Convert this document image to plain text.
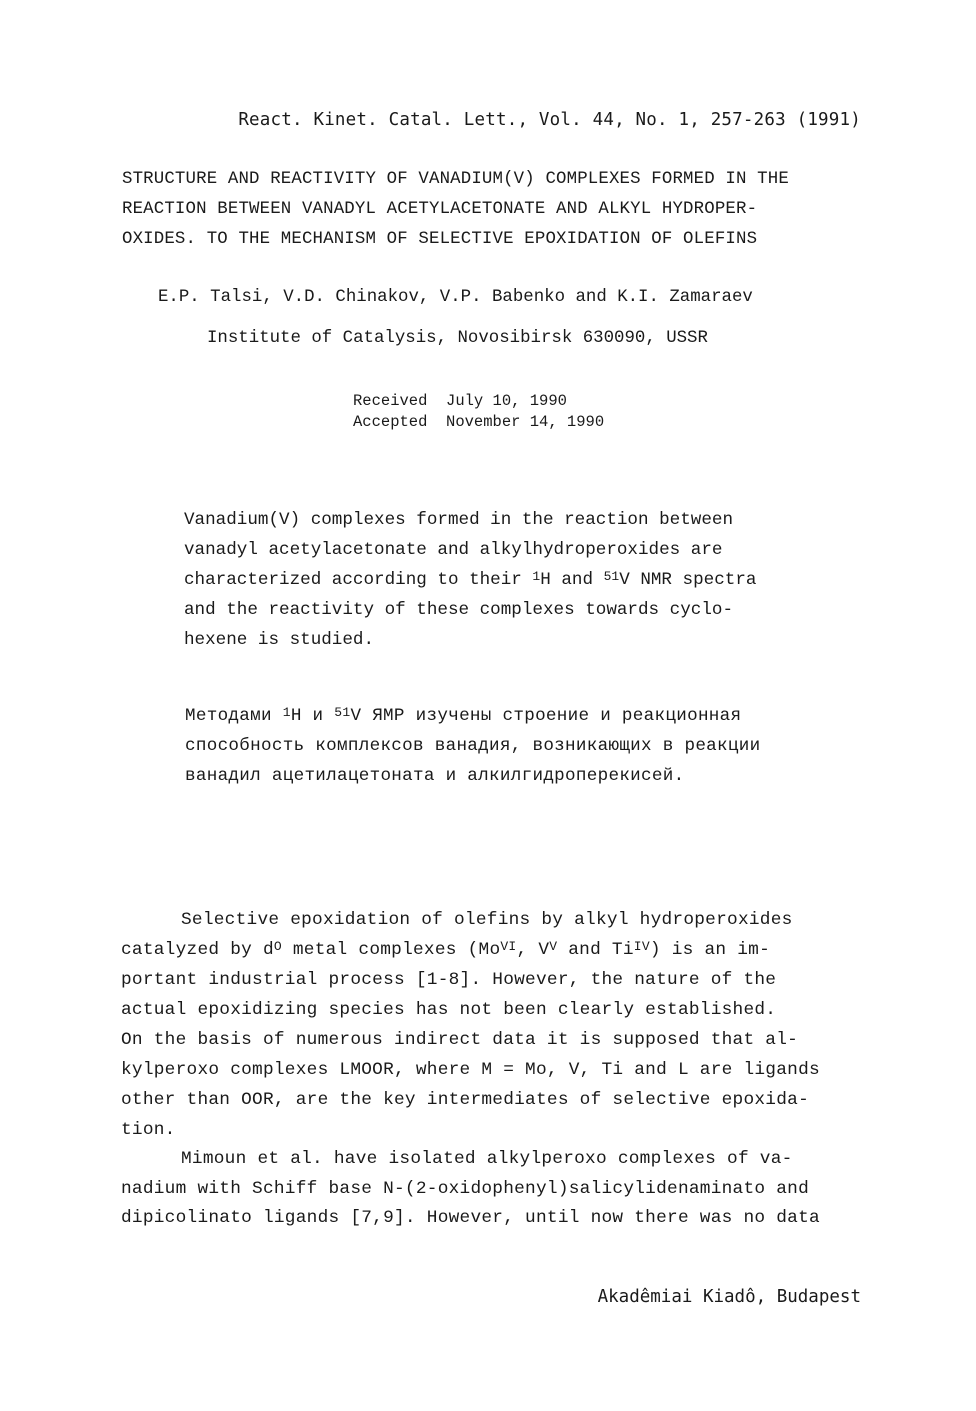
React. Kinet. Catal. Lett., Vol. 44, No. 1, 257-263 (1991)
STRUCTURE AND REACTIVITY OF VANADIUM(V) COMPLEXES FORMED IN THE
REACTION BETWEEN VANADYL ACETYLACETONATE AND ALKYL HYDROPER-
OXIDES. TO THE MECHANISM OF SELECTIVE EPOXIDATION OF OLEFINS
E.P. Talsi, V.D. Chinakov, V.P. Babenko and K.I. Zamaraev
Institute of Catalysis, Novosibirsk 630090, USSR
Received  July 10, 1990
Accepted  November 14, 1990
Vanadium(V) complexes formed in the reaction between
vanadyl acetylacetonate and alkylhydroperoxides are
characterized according to their $^1$H and $^{51}$V NMR spectra
and the reactivity of these complexes towards cyclo-
hexene is studied.
Методами $^1$Н и $^{51}$V ЯМР изучены строение и реакционная
способность комплексов ванадия, возникающих в реакции
ванадил ацетилацетоната и алкилгидроперекисей.
Selective epoxidation of olefins by alkyl hydroperoxides
catalyzed by $d^O$ metal complexes ($Mo^{VI}$, $V^V$ and $Ti^{IV}$) is an im-
portant industrial process [1-8]. However, the nature of the
actual epoxidizing species has not been clearly established.
On the basis of numerous indirect data it is supposed that al-
kylperoxo complexes LMOOR, where M = Mo, V, Ti and L are ligands
other than OOR, are the key intermediates of selective epoxida-
tion.
Mimoun et al. have isolated alkylperoxo complexes of va-
nadium with Schiff base N-(2-oxidophenyl)salicylidenaminato and
dipicolinato ligands [7,9]. However, until now there was no data
Akadêmiai Kiadô, Budapest
